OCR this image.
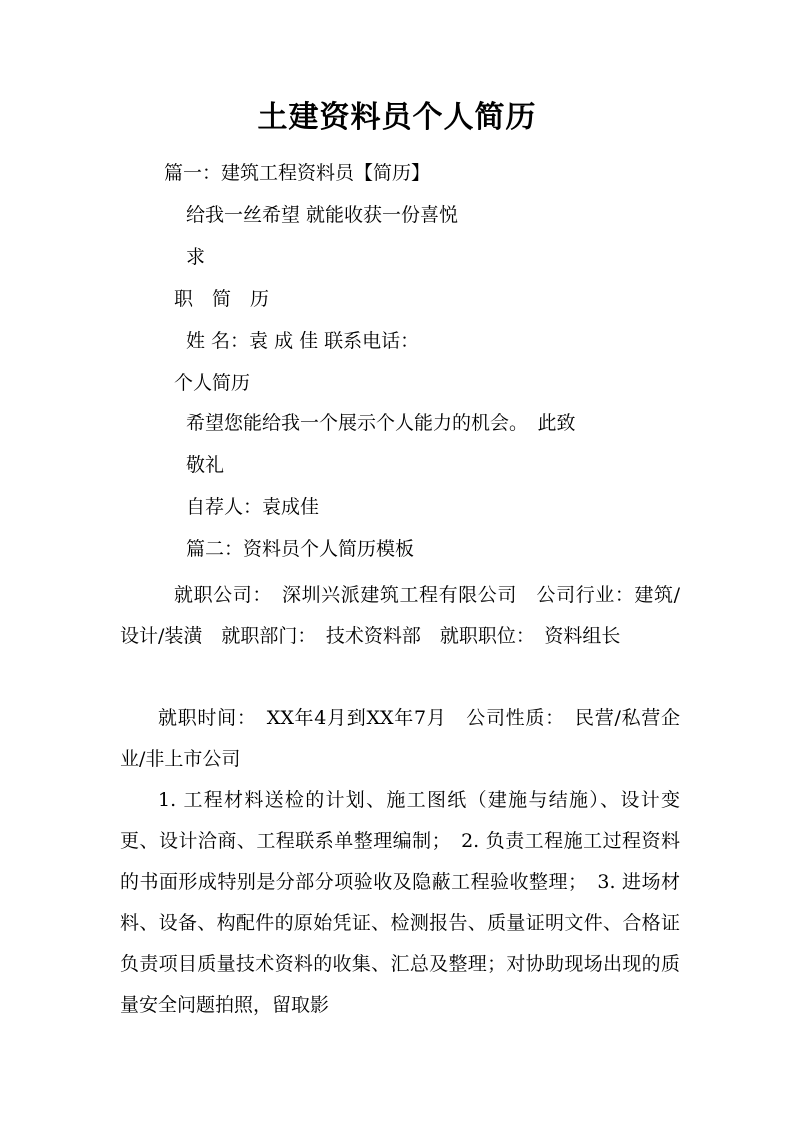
土建资料员个人简历
篇一：建筑工程资料员【简历】
给我一丝希望 就能收获一份喜悦
求
职　简　历
姓 名：袁 成 佳 联系电话：
个人简历
希望您能给我一个展示个人能力的机会。　此致
敬礼
自荐人：袁成佳
篇二：资料员个人简历模板
就职公司：　深圳兴派建筑工程有限公司　公司行业：建筑/设计/装潢　就职部门：　技术资料部　就职职位：　资料组长
就职时间：　XX年4月到XX年7月　公司性质：　民营/私营企业/非上市公司
1. 工程材料送检的计划、施工图纸（建施与结施）、设计变更、设计洽商、工程联系单整理编制；　2. 负责工程施工过程资料的书面形成特别是分部分项验收及隐蔽工程验收整理；　3. 进场材料、设备、构配件的原始凭证、检测报告、质量证明文件、合格证 负责项目质量技术资料的收集、汇总及整理；对协助现场出现的质量安全问题拍照，留取影
